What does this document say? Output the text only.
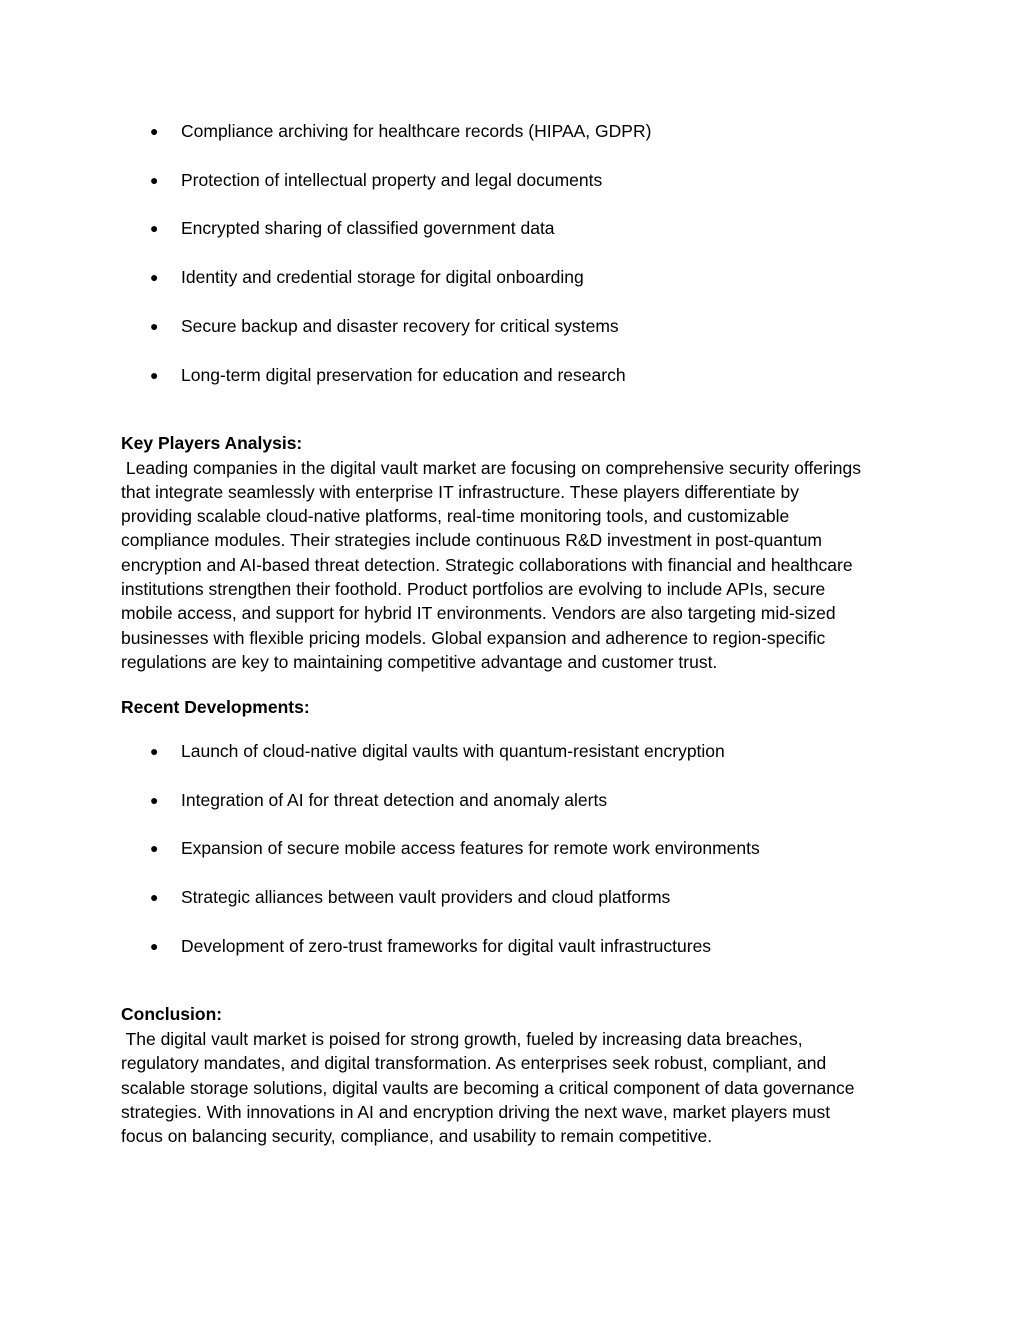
● Compliance archiving for healthcare records (HIPAA, GDPR)
● Protection of intellectual property and legal documents
● Encrypted sharing of classified government data
● Identity and credential storage for digital onboarding
● Secure backup and disaster recovery for critical systems
● Long-term digital preservation for education and research
Key Players Analysis:
Leading companies in the digital vault market are focusing on comprehensive security offerings
that integrate seamlessly with enterprise IT infrastructure. These players differentiate by
providing scalable cloud-native platforms, real-time monitoring tools, and customizable
compliance modules. Their strategies include continuous R&D investment in post-quantum
encryption and AI-based threat detection. Strategic collaborations with financial and healthcare
institutions strengthen their foothold. Product portfolios are evolving to include APIs, secure
mobile access, and support for hybrid IT environments. Vendors are also targeting mid-sized
businesses with flexible pricing models. Global expansion and adherence to region-specific
regulations are key to maintaining competitive advantage and customer trust.
Recent Developments:
● Launch of cloud-native digital vaults with quantum-resistant encryption
● Integration of AI for threat detection and anomaly alerts
● Expansion of secure mobile access features for remote work environments
● Strategic alliances between vault providers and cloud platforms
● Development of zero-trust frameworks for digital vault infrastructures
Conclusion:
The digital vault market is poised for strong growth, fueled by increasing data breaches,
regulatory mandates, and digital transformation. As enterprises seek robust, compliant, and
scalable storage solutions, digital vaults are becoming a critical component of data governance
strategies. With innovations in AI and encryption driving the next wave, market players must
focus on balancing security, compliance, and usability to remain competitive.
